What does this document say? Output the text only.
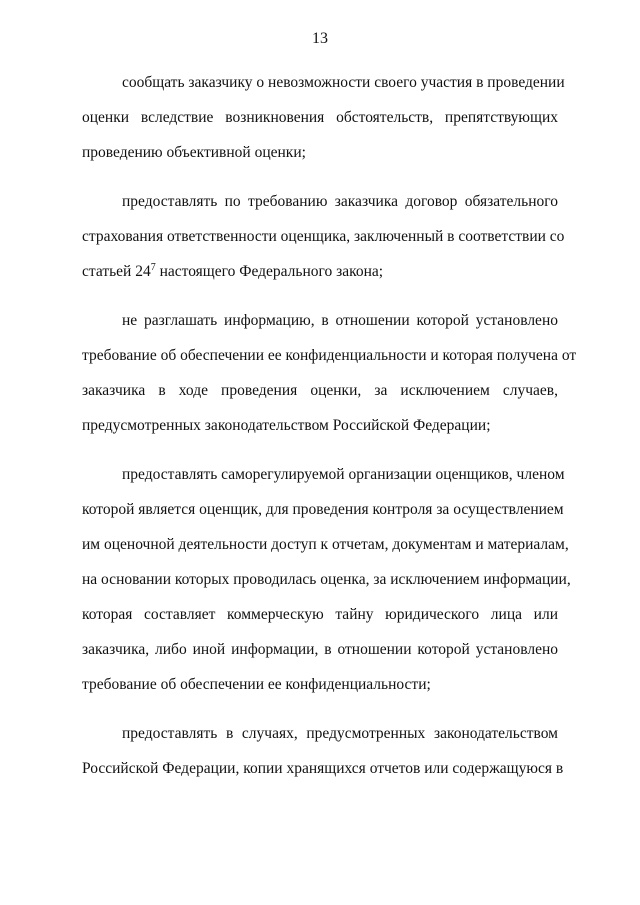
13

сообщать заказчику о невозможности своего участия в проведении
оценки вследствие возникновения обстоятельств, препятствующих
проведению объективной оценки;

предоставлять по требованию заказчика договор обязательного
страхования ответственности оценщика, заключенный в соответствии со
статьей $24^7$ настоящего Федерального закона;

не разглашать информацию, в отношении которой установлено
требование об обеспечении ее конфиденциальности и которая получена от
заказчика в ходе проведения оценки, за исключением случаев,
предусмотренных законодательством Российской Федерации;

предоставлять саморегулируемой организации оценщиков, членом
которой является оценщик, для проведения контроля за осуществлением
им оценочной деятельности доступ к отчетам, документам и материалам,
на основании которых проводилась оценка, за исключением информации,
которая составляет коммерческую тайну юридического лица или
заказчика, либо иной информации, в отношении которой установлено
требование об обеспечении ее конфиденциальности;

предоставлять в случаях, предусмотренных законодательством
Российской Федерации, копии хранящихся отчетов или содержащуюся в
